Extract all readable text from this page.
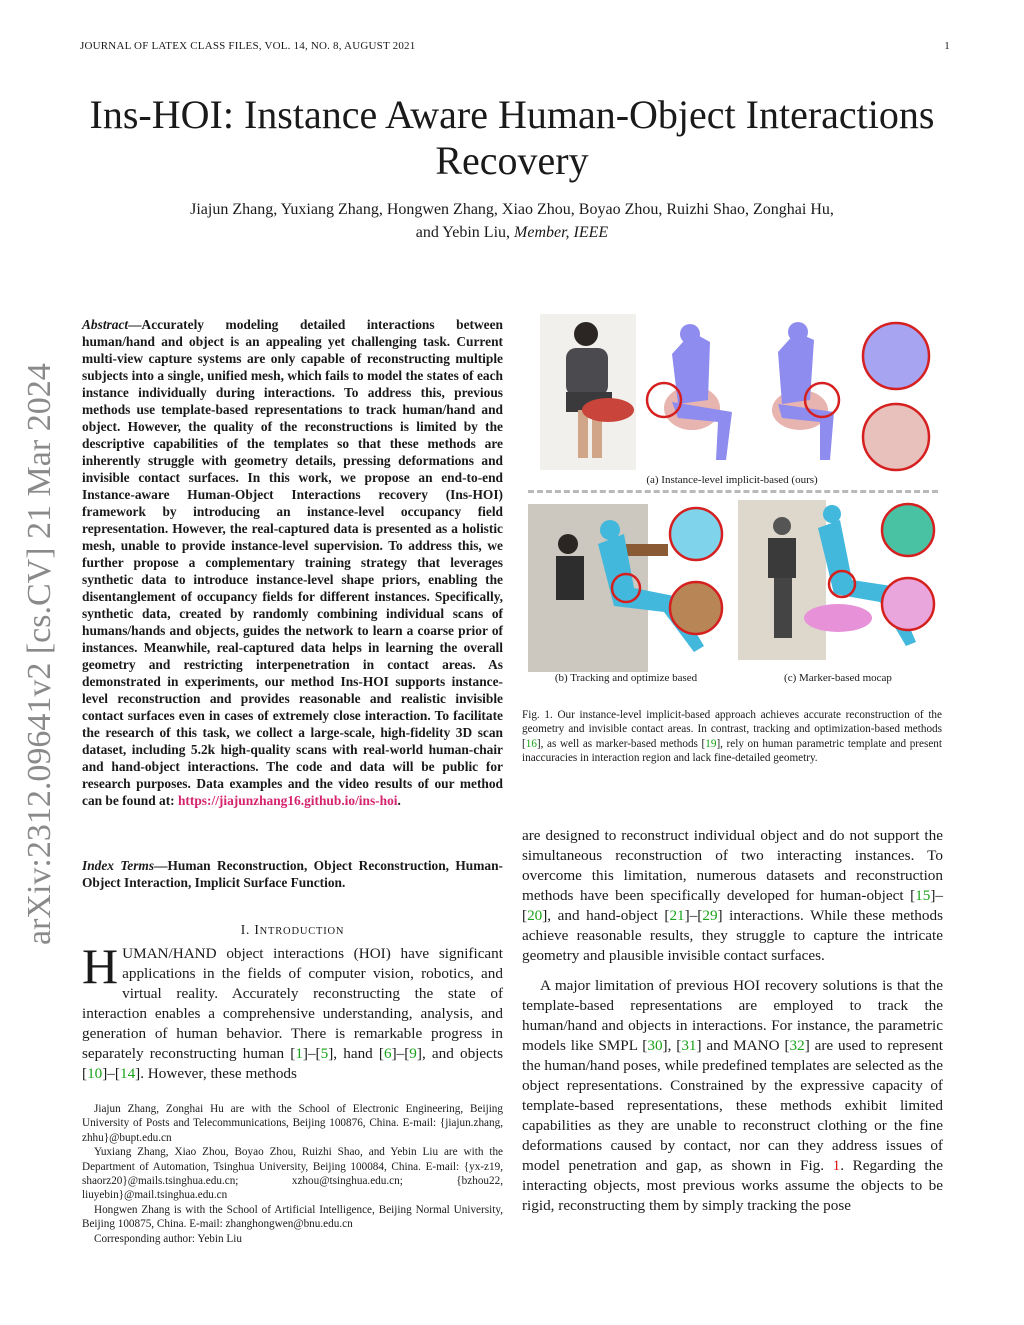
JOURNAL OF LATEX CLASS FILES, VOL. 14, NO. 8, AUGUST 2021	1
Ins-HOI: Instance Aware Human-Object Interactions
Recovery
Jiajun Zhang, Yuxiang Zhang, Hongwen Zhang, Xiao Zhou, Boyao Zhou, Ruizhi Shao, Zonghai Hu,
and Yebin Liu, Member, IEEE
arXiv:2312.09641v2 [cs.CV] 21 Mar 2024
Abstract—Accurately modeling detailed interactions between human/hand and object is an appealing yet challenging task. Current multi-view capture systems are only capable of reconstructing multiple subjects into a single, unified mesh, which fails to model the states of each instance individually during interactions. To address this, previous methods use template-based representations to track human/hand and object. However, the quality of the reconstructions is limited by the descriptive capabilities of the templates so that these methods are inherently struggle with geometry details, pressing deformations and invisible contact surfaces. In this work, we propose an end-to-end Instance-aware Human-Object Interactions recovery (Ins-HOI) framework by introducing an instance-level occupancy field representation. However, the real-captured data is presented as a holistic mesh, unable to provide instance-level supervision. To address this, we further propose a complementary training strategy that leverages synthetic data to introduce instance-level shape priors, enabling the disentanglement of occupancy fields for different instances. Specifically, synthetic data, created by randomly combining individual scans of humans/hands and objects, guides the network to learn a coarse prior of instances. Meanwhile, real-captured data helps in learning the overall geometry and restricting interpenetration in contact areas. As demonstrated in experiments, our method Ins-HOI supports instance-level reconstruction and provides reasonable and realistic invisible contact surfaces even in cases of extremely close interaction. To facilitate the research of this task, we collect a large-scale, high-fidelity 3D scan dataset, including 5.2k high-quality scans with real-world human-chair and hand-object interactions. The code and data will be public for research purposes. Data examples and the video results of our method can be found at: https://jiajunzhang16.github.io/ins-hoi.
Index Terms—Human Reconstruction, Object Reconstruction, Human-Object Interaction, Implicit Surface Function.
I. INTRODUCTION
HUMAN/HAND object interactions (HOI) have significant applications in the fields of computer vision, robotics, and virtual reality. Accurately reconstructing the state of interaction enables a comprehensive understanding, analysis, and generation of human behavior. There is remarkable progress in separately reconstructing human [1]–[5], hand [6]–[9], and objects [10]–[14]. However, these methods

Jiajun Zhang, Zonghai Hu are with the School of Electronic Engineering, Beijing University of Posts and Telecommunications, Beijing 100876, China. E-mail: {jiajun.zhang, zhhu}@bupt.edu.cn

Yuxiang Zhang, Xiao Zhou, Boyao Zhou, Ruizhi Shao, and Yebin Liu are with the Department of Automation, Tsinghua University, Beijing 100084, China. E-mail: {yx-z19, shaorz20}@mails.tsinghua.edu.cn; xzhou@tsinghua.edu.cn; {bzhou22, liuyebin}@mail.tsinghua.edu.cn

Hongwen Zhang is with the School of Artificial Intelligence, Beijing Normal University, Beijing 100875, China. E-mail: zhanghongwen@bnu.edu.cn

Corresponding author: Yebin Liu

(a) Instance-level implicit-based (ours)
(b) Tracking and optimize based	(c) Marker-based mocap
Fig. 1. Our instance-level implicit-based approach achieves accurate reconstruction of the geometry and invisible contact areas. In contrast, tracking and optimization-based methods [16], as well as marker-based methods [19], rely on human parametric template and present inaccuracies in interaction region and lack fine-detailed geometry.

are designed to reconstruct individual object and do not support the simultaneous reconstruction of two interacting instances. To overcome this limitation, numerous datasets and reconstruction methods have been specifically developed for human-object [15]–[20], and hand-object [21]–[29] interactions. While these methods achieve reasonable results, they struggle to capture the intricate geometry and plausible invisible contact surfaces.

A major limitation of previous HOI recovery solutions is that the template-based representations are employed to track the human/hand and objects in interactions. For instance, the parametric models like SMPL [30], [31] and MANO [32] are used to represent the human/hand poses, while predefined templates are selected as the object representations. Constrained by the expressive capacity of template-based representations, these methods exhibit limited capabilities as they are unable to reconstruct clothing or the fine deformations caused by contact, nor can they address issues of model penetration and gap, as shown in Fig. 1. Regarding the interacting objects, most previous works assume the objects to be rigid, reconstructing them by simply tracking the pose
